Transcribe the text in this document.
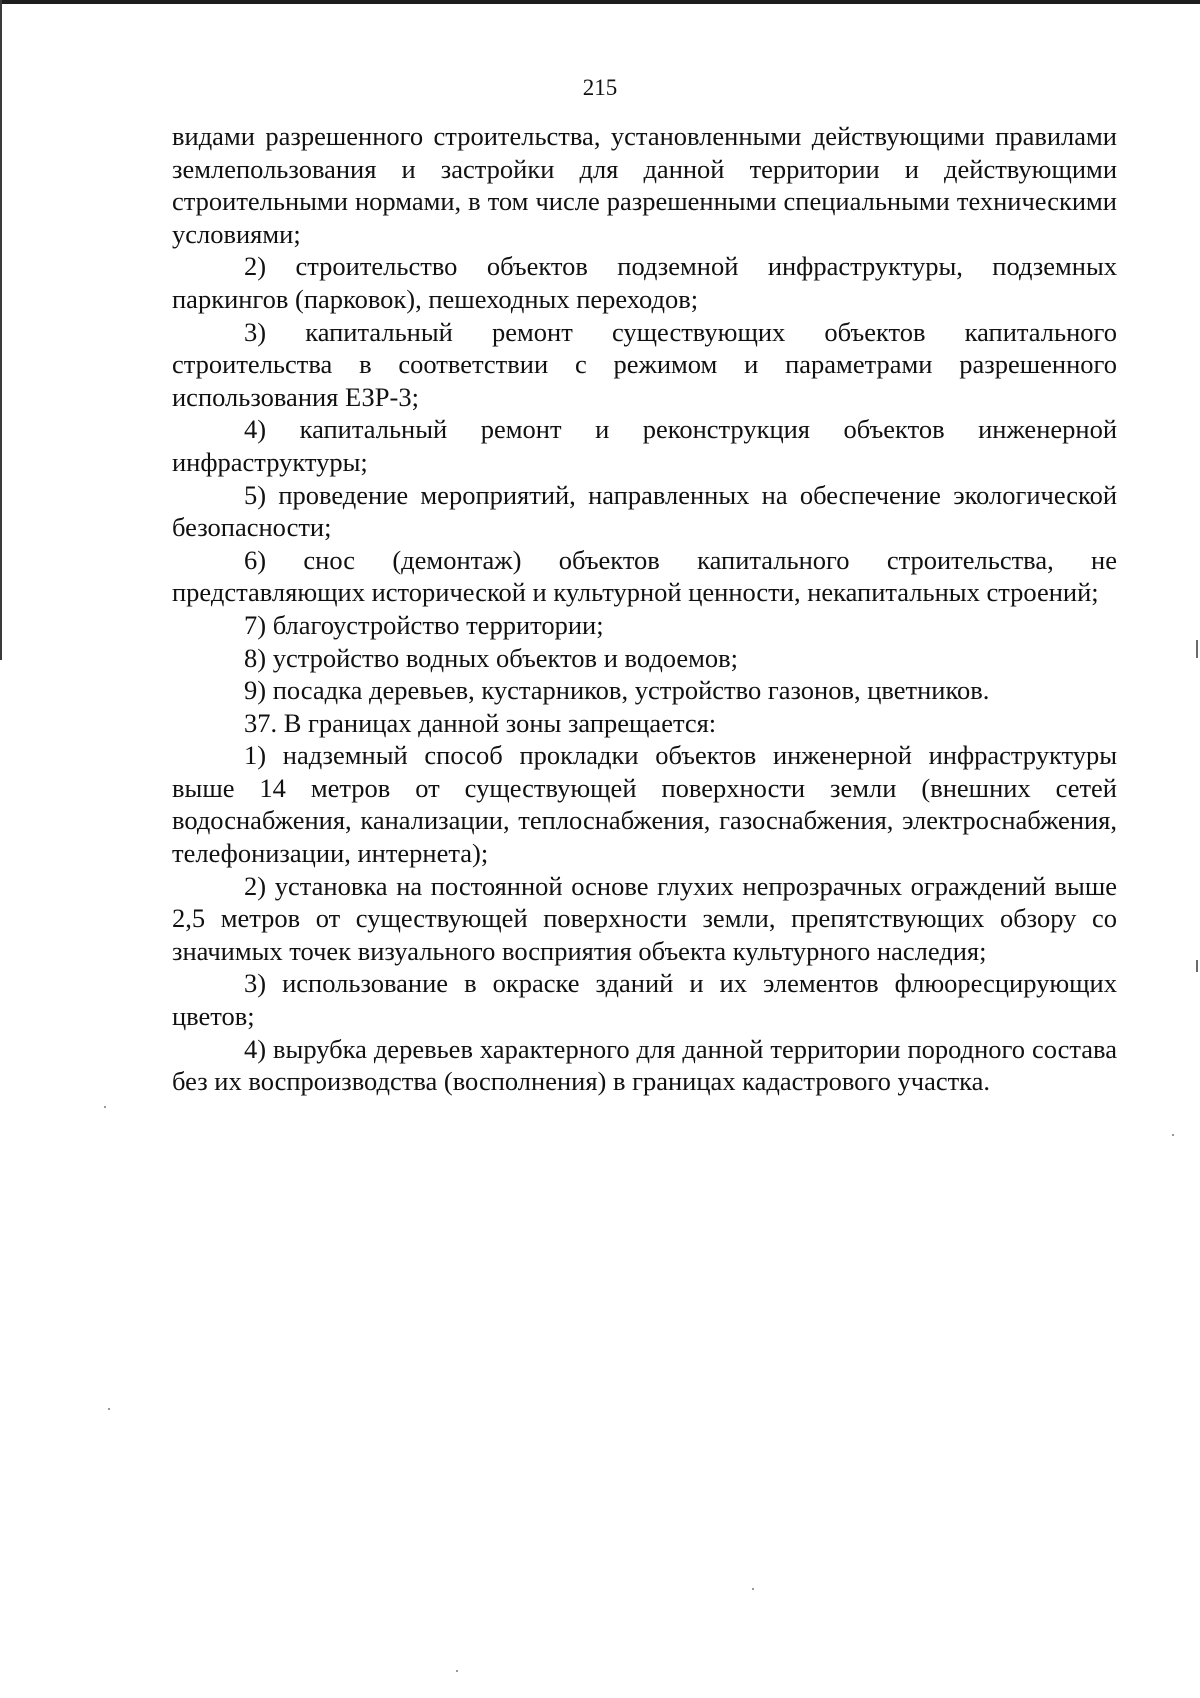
215

видами разрешенного строительства, установленными действующими правилами землепользования и застройки для данной территории и действующими строительными нормами, в том числе разрешенными специальными техническими условиями;

2) строительство объектов подземной инфраструктуры, подземных паркингов (парковок), пешеходных переходов;

3) капитальный ремонт существующих объектов капитального строительства в соответствии с режимом и параметрами разрешенного использования ЕЗР-3;

4) капитальный ремонт и реконструкция объектов инженерной инфраструктуры;

5) проведение мероприятий, направленных на обеспечение экологической безопасности;

6) снос (демонтаж) объектов капитального строительства, не представляющих исторической и культурной ценности, некапитальных строений;

7) благоустройство территории;

8) устройство водных объектов и водоемов;

9) посадка деревьев, кустарников, устройство газонов, цветников.

37. В границах данной зоны запрещается:

1) надземный способ прокладки объектов инженерной инфраструктуры выше 14 метров от существующей поверхности земли (внешних сетей водоснабжения, канализации, теплоснабжения, газоснабжения, электроснабжения, телефонизации, интернета);

2) установка на постоянной основе глухих непрозрачных ограждений выше 2,5 метров от существующей поверхности земли, препятствующих обзору со значимых точек визуального восприятия объекта культурного наследия;

3) использование в окраске зданий и их элементов флюоресцирующих цветов;

4) вырубка деревьев характерного для данной территории породного состава без их воспроизводства (восполнения) в границах кадастрового участка.
